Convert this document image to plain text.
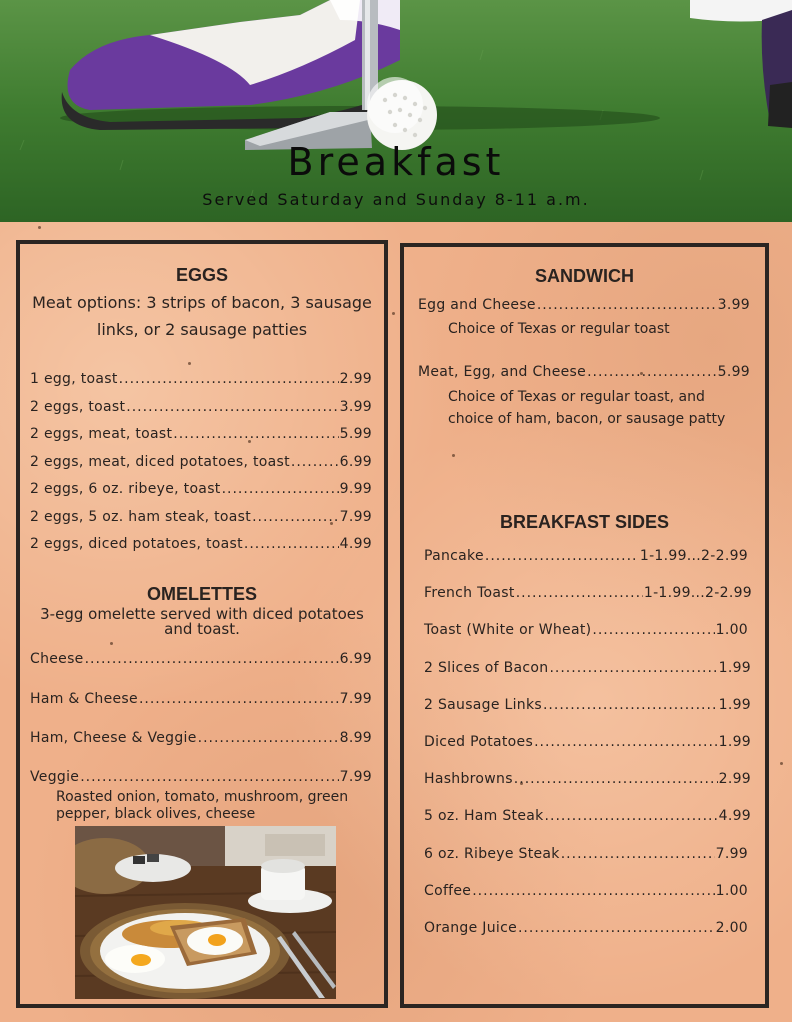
Breakfast
Served Saturday and Sunday 8-11 a.m.
EGGS
Meat options: 3 strips of bacon, 3 sausage links, or 2 sausage patties
1 egg, toast .....	2.99
2 eggs, toast .....	3.99
2 eggs, meat, toast .....	5.99
2 eggs, meat, diced potatoes, toast .....	6.99
2 eggs, 6 oz. ribeye, toast .....	9.99
2 eggs, 5 oz. ham steak, toast .....	7.99
2 eggs, diced potatoes, toast .....	4.99
OMELETTES
3-egg omelette served with diced potatoes and toast.
Cheese .....	6.99
Ham & Cheese .....	7.99
Ham, Cheese & Veggie .....	8.99
Veggie .....	7.99
Roasted onion, tomato, mushroom, green pepper, black olives, cheese
SANDWICH
Egg and Cheese .....	3.99
Choice of Texas or regular toast
Meat, Egg, and Cheese .....	5.99
Choice of Texas or regular toast, and choice of ham, bacon, or sausage patty
BREAKFAST SIDES
Pancake .....	1-1.99...2-2.99
French Toast .....	1-1.99...2-2.99
Toast (White or Wheat) .....	1.00
2 Slices of Bacon .....	1.99
2 Sausage Links .....	1.99
Diced Potatoes .....	1.99
Hashbrowns .....	2.99
5 oz. Ham Steak .....	4.99
6 oz. Ribeye Steak .....	7.99
Coffee .....	1.00
Orange Juice .....	2.00
